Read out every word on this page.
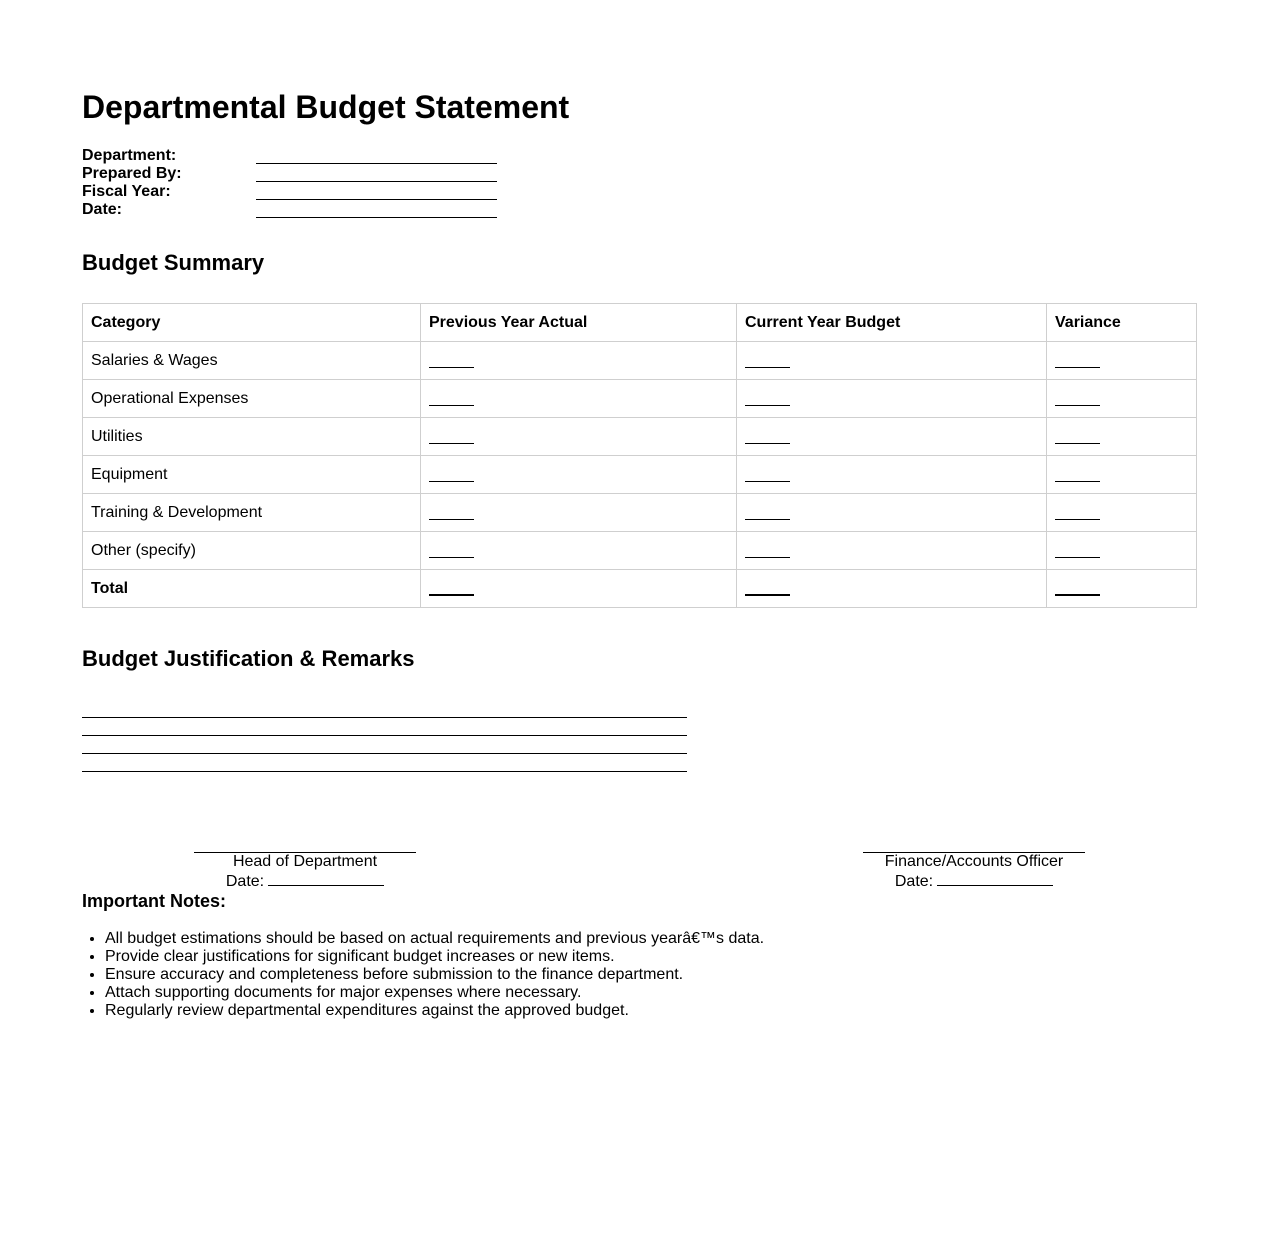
Departmental Budget Statement
Department:
Prepared By:
Fiscal Year:
Date:
Budget Summary
Category	Previous Year Actual	Current Year Budget	Variance
Salaries & Wages			
Operational Expenses			
Utilities			
Equipment			
Training & Development			
Other (specify)			
Total			
Budget Justification & Remarks
Head of Department
Date:
Finance/Accounts Officer
Date:

Important Notes:

• All budget estimations should be based on actual requirements and previous yearâ€™s data.
• Provide clear justifications for significant budget increases or new items.
• Ensure accuracy and completeness before submission to the finance department.
• Attach supporting documents for major expenses where necessary.
• Regularly review departmental expenditures against the approved budget.
